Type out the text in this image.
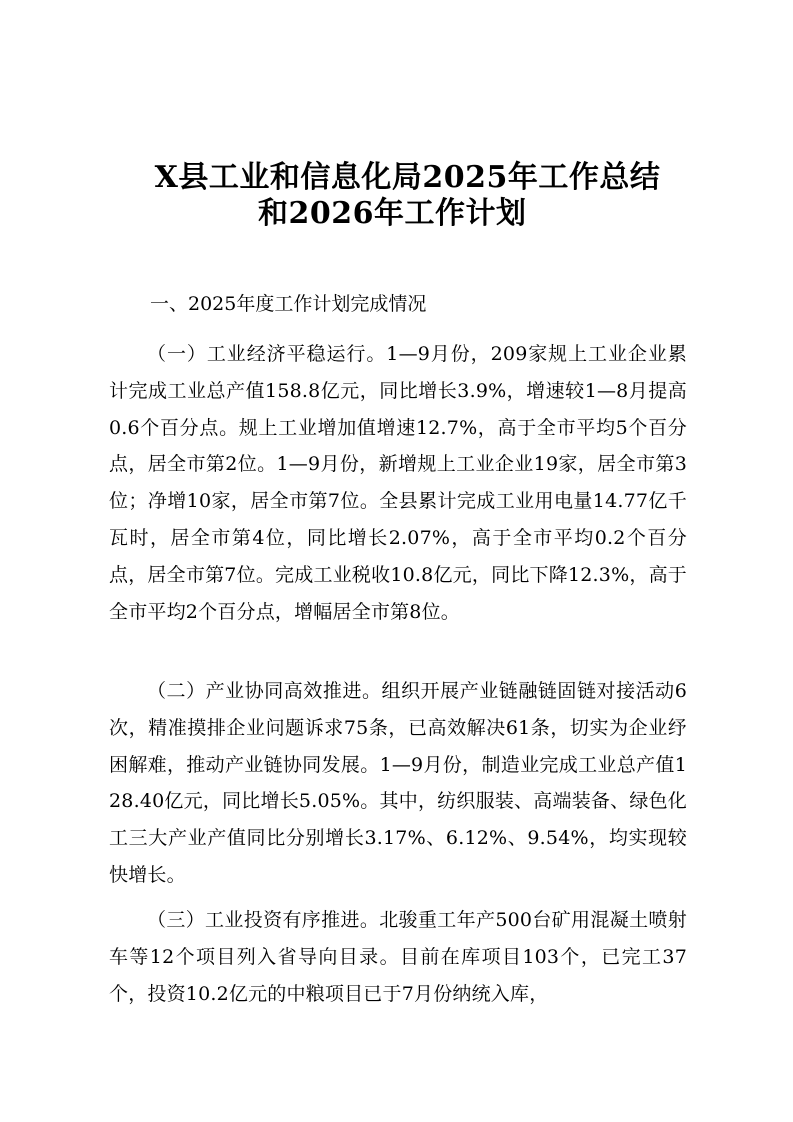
X县工业和信息化局2025年工作总结
和2026年工作计划
一、2025年度工作计划完成情况

（一）工业经济平稳运行。1—9月份，209家规上工业企业累计完成工业总产值158.8亿元，同比增长3.9%，增速较1—8月提高0.6个百分点。规上工业增加值增速12.7%，高于全市平均5个百分点，居全市第2位。1—9月份，新增规上工业企业19家，居全市第3位；净增10家，居全市第7位。全县累计完成工业用电量14.77亿千瓦时，居全市第4位，同比增长2.07%，高于全市平均0.2个百分点，居全市第7位。完成工业税收10.8亿元，同比下降12.3%，高于全市平均2个百分点，增幅居全市第8位。

（二）产业协同高效推进。组织开展产业链融链固链对接活动6次，精准摸排企业问题诉求75条，已高效解决61条，切实为企业纾困解难，推动产业链协同发展。1—9月份，制造业完成工业总产值128.40亿元，同比增长5.05%。其中，纺织服装、高端装备、绿色化工三大产业产值同比分别增长3.17%、6.12%、9.54%，均实现较快增长。

（三）工业投资有序推进。北骏重工年产500台矿用混凝土喷射车等12个项目列入省导向目录。目前在库项目103个，已完工37个，投资10.2亿元的中粮项目已于7月份纳统入库，
